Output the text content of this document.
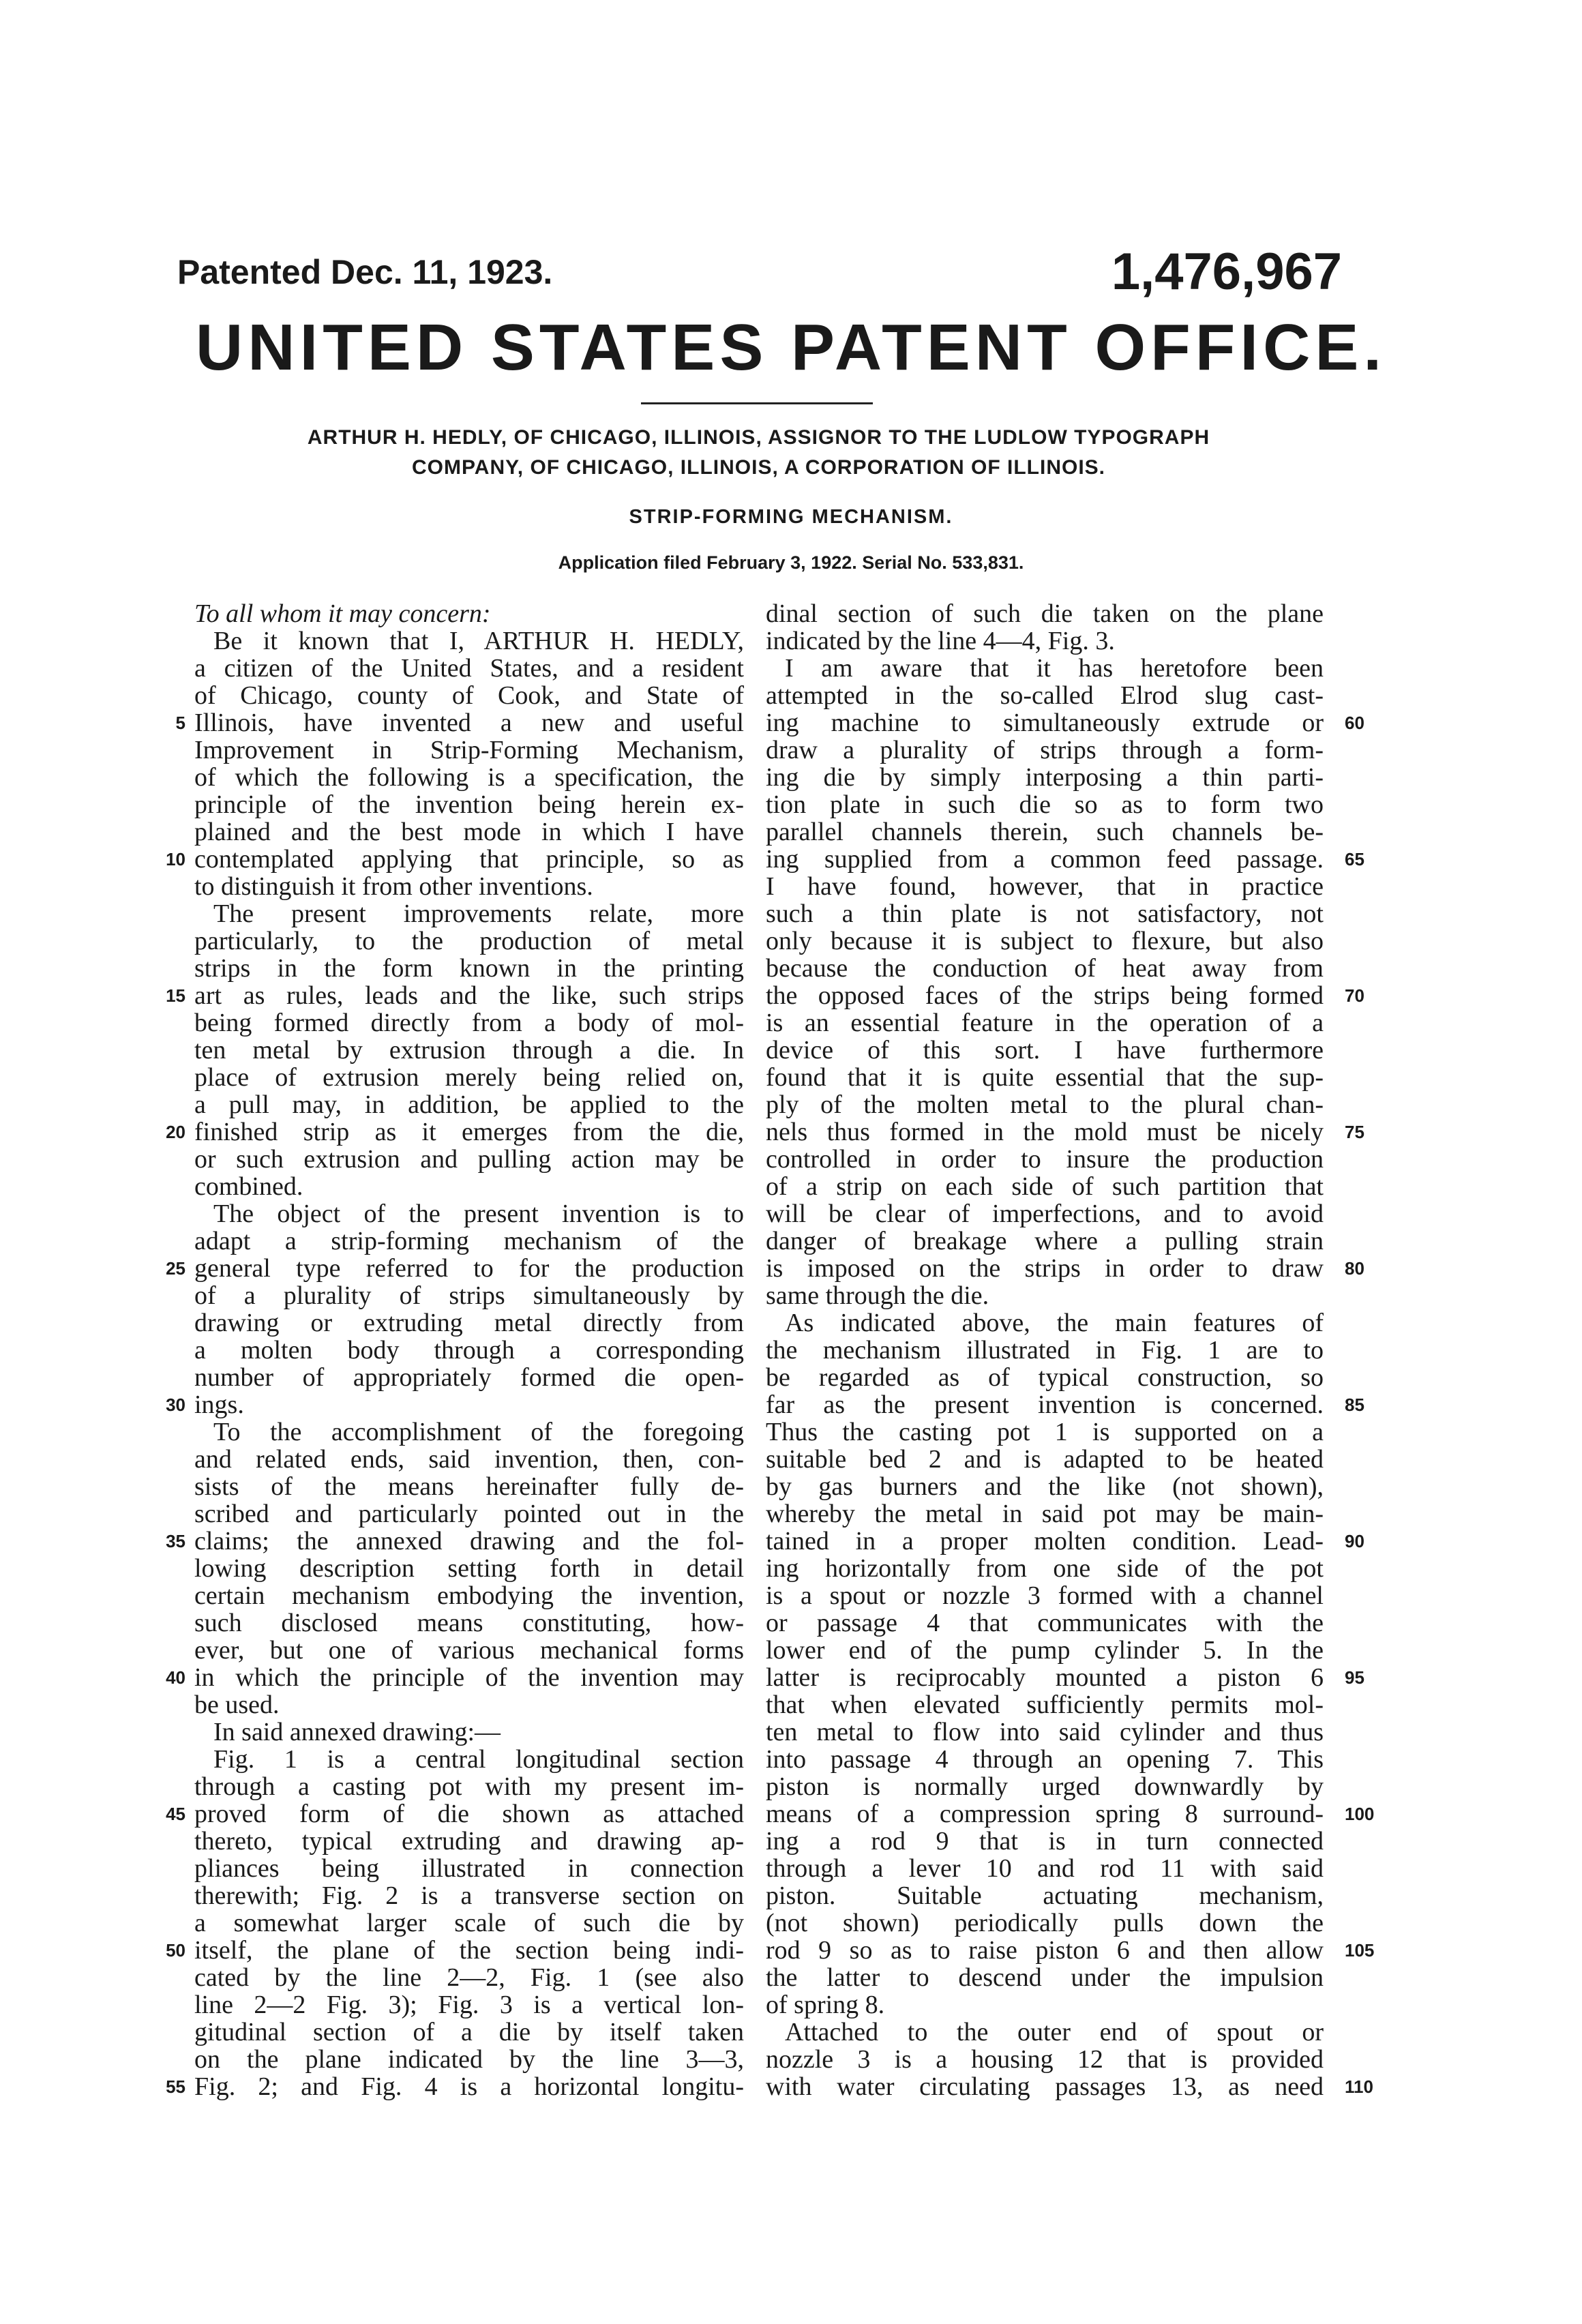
Patented Dec. 11, 1923.	1,476,967
UNITED STATES PATENT OFFICE.
ARTHUR H. HEDLY, OF CHICAGO, ILLINOIS, ASSIGNOR TO THE LUDLOW TYPOGRAPH
COMPANY, OF CHICAGO, ILLINOIS, A CORPORATION OF ILLINOIS.
STRIP-FORMING MECHANISM.
Application filed February 3, 1922. Serial No. 533,831.
To all whom it may concern:
Be it known that I, ARTHUR H. HEDLY,
a citizen of the United States, and a resident
of Chicago, county of Cook, and State of
Illinois, have invented a new and useful
Improvement in Strip-Forming Mechanism,
of which the following is a specification, the
principle of the invention being herein ex-
plained and the best mode in which I have
contemplated applying that principle, so as
to distinguish it from other inventions.
The present improvements relate, more
particularly, to the production of metal
strips in the form known in the printing
art as rules, leads and the like, such strips
being formed directly from a body of mol-
ten metal by extrusion through a die. In
place of extrusion merely being relied on,
a pull may, in addition, be applied to the
finished strip as it emerges from the die,
or such extrusion and pulling action may be
combined.
The object of the present invention is to
adapt a strip-forming mechanism of the
general type referred to for the production
of a plurality of strips simultaneously by
drawing or extruding metal directly from
a molten body through a corresponding
number of appropriately formed die open-
ings.
To the accomplishment of the foregoing
and related ends, said invention, then, con-
sists of the means hereinafter fully de-
scribed and particularly pointed out in the
claims; the annexed drawing and the fol-
lowing description setting forth in detail
certain mechanism embodying the invention,
such disclosed means constituting, how-
ever, but one of various mechanical forms
in which the principle of the invention may
be used.
In said annexed drawing:—
Fig. 1 is a central longitudinal section
through a casting pot with my present im-
proved form of die shown as attached
thereto, typical extruding and drawing ap-
pliances being illustrated in connection
therewith; Fig. 2 is a transverse section on
a somewhat larger scale of such die by
itself, the plane of the section being indi-
cated by the line 2—2, Fig. 1 (see also
line 2—2 Fig. 3); Fig. 3 is a vertical lon-
gitudinal section of a die by itself taken
on the plane indicated by the line 3—3,
Fig. 2; and Fig. 4 is a horizontal longitu-
dinal section of such die taken on the plane
indicated by the line 4—4, Fig. 3.
I am aware that it has heretofore been
attempted in the so-called Elrod slug cast-
ing machine to simultaneously extrude or
draw a plurality of strips through a form-
ing die by simply interposing a thin parti-
tion plate in such die so as to form two
parallel channels therein, such channels be-
ing supplied from a common feed passage.
I have found, however, that in practice
such a thin plate is not satisfactory, not
only because it is subject to flexure, but also
because the conduction of heat away from
the opposed faces of the strips being formed
is an essential feature in the operation of a
device of this sort. I have furthermore
found that it is quite essential that the sup-
ply of the molten metal to the plural chan-
nels thus formed in the mold must be nicely
controlled in order to insure the production
of a strip on each side of such partition that
will be clear of imperfections, and to avoid
danger of breakage where a pulling strain
is imposed on the strips in order to draw
same through the die.
As indicated above, the main features of
the mechanism illustrated in Fig. 1 are to
be regarded as of typical construction, so
far as the present invention is concerned.
Thus the casting pot 1 is supported on a
suitable bed 2 and is adapted to be heated
by gas burners and the like (not shown),
whereby the metal in said pot may be main-
tained in a proper molten condition. Lead-
ing horizontally from one side of the pot
is a spout or nozzle 3 formed with a channel
or passage 4 that communicates with the
lower end of the pump cylinder 5. In the
latter is reciprocably mounted a piston 6
that when elevated sufficiently permits mol-
ten metal to flow into said cylinder and thus
into passage 4 through an opening 7. This
piston is normally urged downwardly by
means of a compression spring 8 surround-
ing a rod 9 that is in turn connected
through a lever 10 and rod 11 with said
piston. Suitable actuating mechanism,
(not shown) periodically pulls down the
rod 9 so as to raise piston 6 and then allow
the latter to descend under the impulsion
of spring 8.
Attached to the outer end of spout or
nozzle 3 is a housing 12 that is provided
with water circulating passages 13, as need
5
10
15
20
25
30
35
40
45
50
55
60
65
70
75
80
85
90
95
100
105
110
